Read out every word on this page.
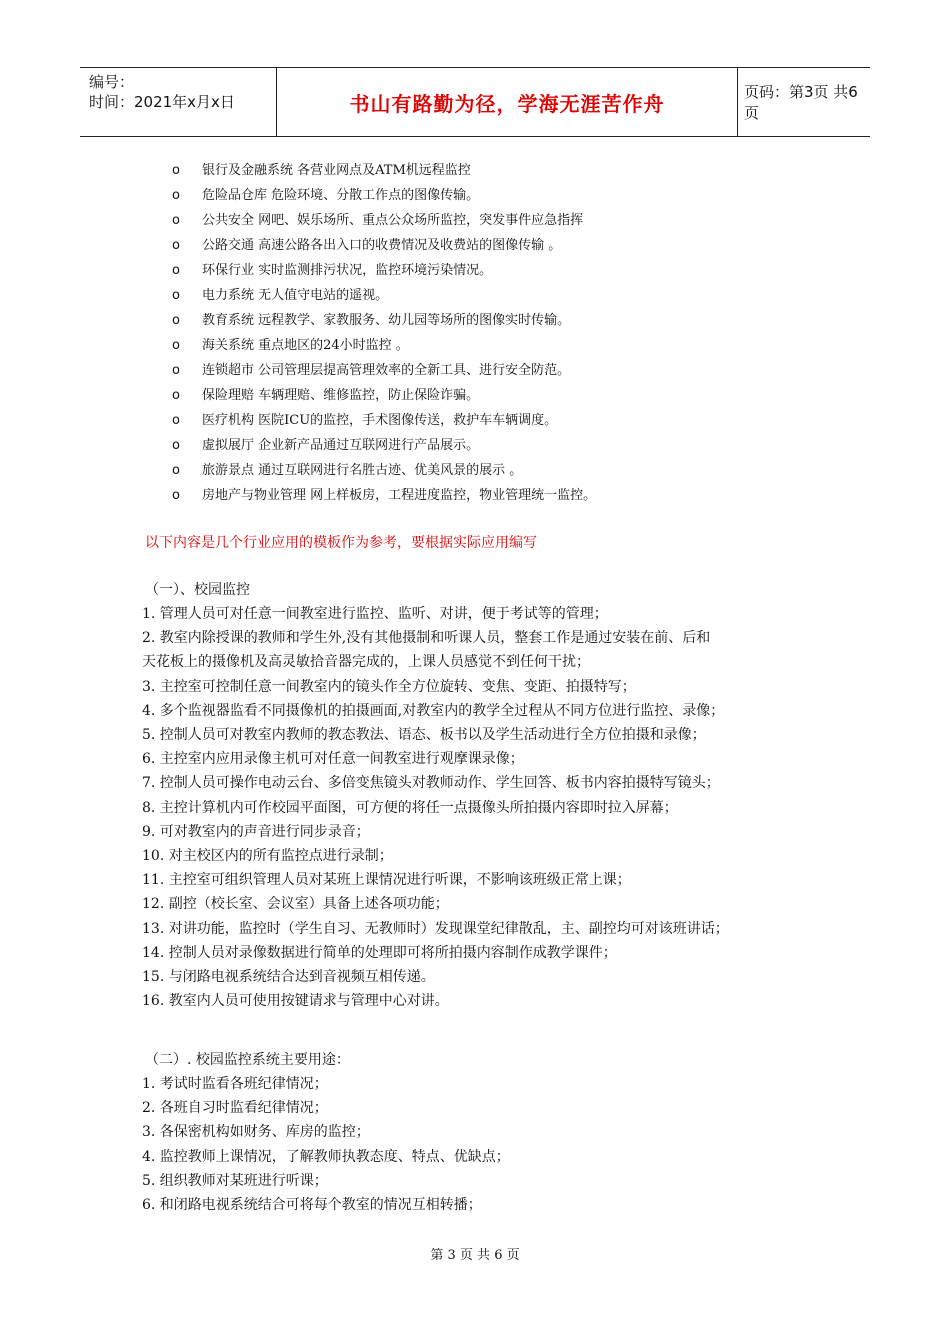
编号：
时间：2021年x月x日	书山有路勤为径，学海无涯苦作舟	页码：第3页 共6页
o	银行及金融系统 各营业网点及ATM机远程监控
o	危险品仓库 危险环境、分散工作点的图像传输。
o	公共安全 网吧、娱乐场所、重点公众场所监控，突发事件应急指挥
o	公路交通 高速公路各出入口的收费情况及收费站的图像传输 。
o	环保行业 实时监测排污状况，监控环境污染情况。
o	电力系统 无人值守电站的遥视。
o	教育系统 远程教学、家教服务、幼儿园等场所的图像实时传输。
o	海关系统 重点地区的24小时监控 。
o	连锁超市 公司管理层提高管理效率的全新工具、进行安全防范。
o	保险理赔 车辆理赔、维修监控，防止保险诈骗。
o	医疗机构 医院ICU的监控，手术图像传送，救护车车辆调度。
o	虚拟展厅 企业新产品通过互联网进行产品展示。
o	旅游景点 通过互联网进行名胜古迹、优美风景的展示 。
o	房地产与物业管理 网上样板房，工程进度监控，物业管理统一监控。
以下内容是几个行业应用的模板作为参考，要根据实际应用编写
（一）、校园监控
1. 管理人员可对任意一间教室进行监控、监听、对讲，便于考试等的管理；
2. 教室内除授课的教师和学生外,没有其他摄制和听课人员，整套工作是通过安装在前、后和
天花板上的摄像机及高灵敏拾音器完成的，上课人员感觉不到任何干扰；
3. 主控室可控制任意一间教室内的镜头作全方位旋转、变焦、变距、拍摄特写；
4. 多个监视器监看不同摄像机的拍摄画面,对教室内的教学全过程从不同方位进行监控、录像；
5. 控制人员可对教室内教师的教态教法、语态、板书以及学生活动进行全方位拍摄和录像；
6. 主控室内应用录像主机可对任意一间教室进行观摩课录像；
7. 控制人员可操作电动云台、多倍变焦镜头对教师动作、学生回答、板书内容拍摄特写镜头；
8. 主控计算机内可作校园平面图，可方便的将任一点摄像头所拍摄内容即时拉入屏幕；
9. 可对教室内的声音进行同步录音；
10. 对主校区内的所有监控点进行录制；
11. 主控室可组织管理人员对某班上课情况进行听课，不影响该班级正常上课；
12. 副控（校长室、会议室）具备上述各项功能；
13. 对讲功能，监控时（学生自习、无教师时）发现课堂纪律散乱，主、副控均可对该班讲话；
14. 控制人员对录像数据进行简单的处理即可将所拍摄内容制作成教学课件；
15. 与闭路电视系统结合达到音视频互相传递。
16. 教室内人员可使用按键请求与管理中心对讲。
（二）. 校园监控系统主要用途：
1. 考试时监看各班纪律情况；
2. 各班自习时监看纪律情况；
3. 各保密机构如财务、库房的监控；
4. 监控教师上课情况，了解教师执教态度、特点、优缺点；
5. 组织教师对某班进行听课；
6. 和闭路电视系统结合可将每个教室的情况互相转播；
第 3 页 共 6 页
